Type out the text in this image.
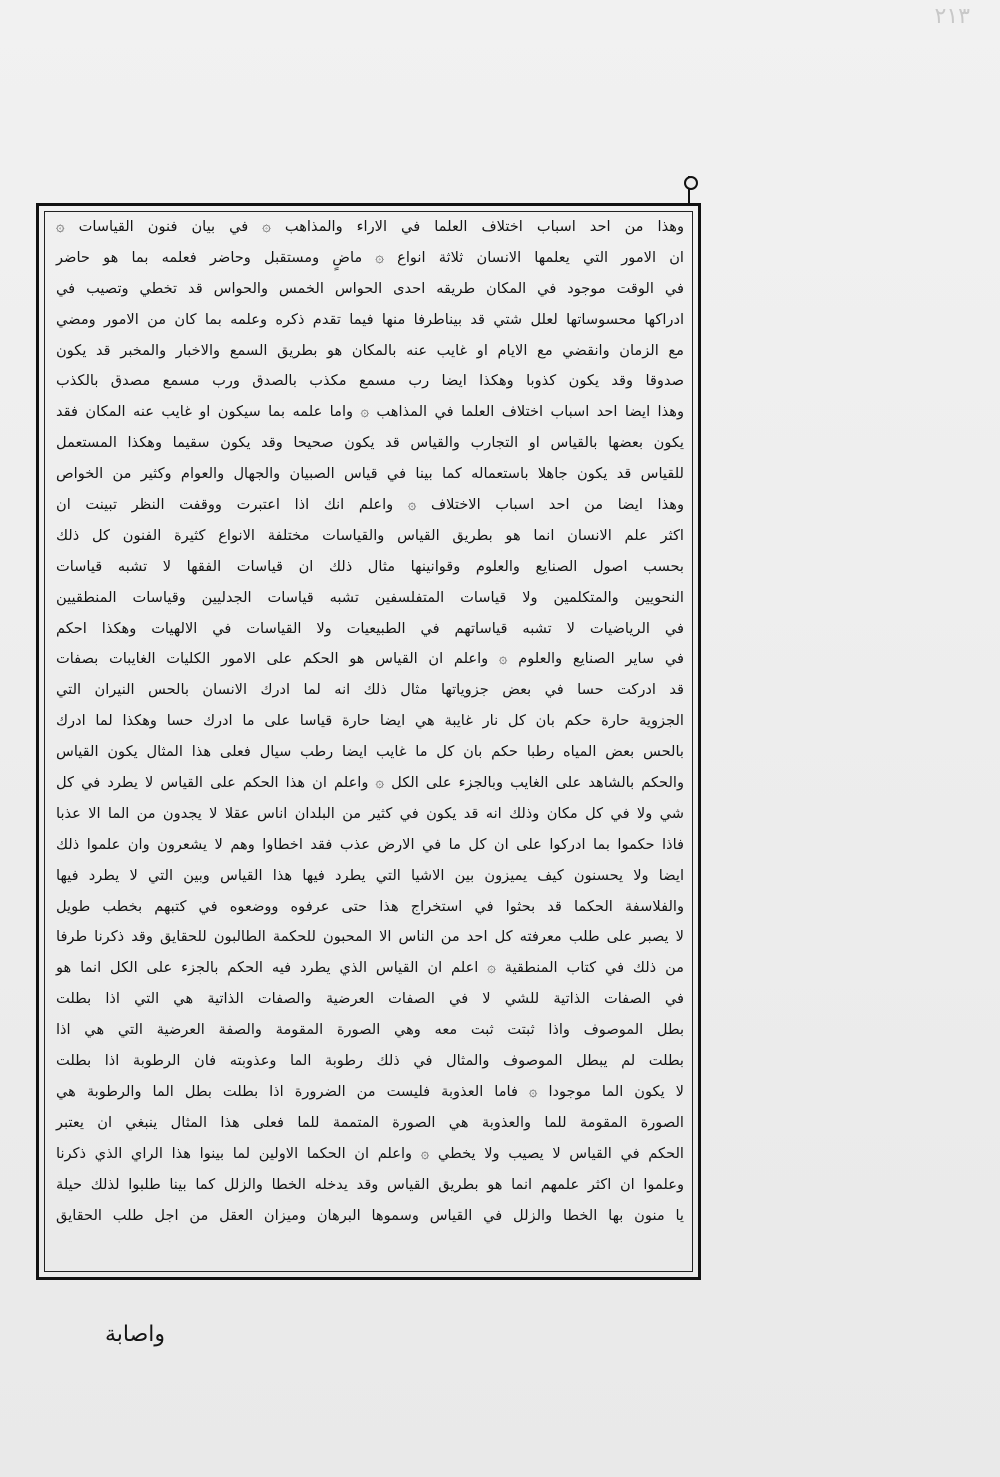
٢١٣
وهذا من احد اسباب اختلاف العلما في الاراء والمذاهب ۞ في بيان فنون القياسات ۞
ان الامور التي يعلمها الانسان ثلاثة انواع ۞ ماضٍ ومستقبل وحاضر فعلمه بما هو حاضر
في الوقت موجود في المكان طريقه احدى الحواس الخمس والحواس قد تخطي وتصيب في
ادراكها محسوساتها لعلل شتي قد بيناطرفا منها فيما تقدم ذكره وعلمه بما كان من الامور ومضي
مع الزمان وانقضي مع الايام او غايب عنه بالمكان هو بطريق السمع والاخبار والمخبر قد يكون
صدوقا وقد يكون كذوبا وهكذا ايضا رب مسمع مكذب بالصدق ورب مسمع مصدق بالكذب
وهذا ايضا احد اسباب اختلاف العلما في المذاهب ۞ واما علمه بما سيكون او غايب عنه المكان فقد
يكون بعضها بالقياس او التجارب والقياس قد يكون صحيحا وقد يكون سقيما وهكذا المستعمل
للقياس قد يكون جاهلا باستعماله كما بينا في قياس الصبيان والجهال والعوام وكثير من الخواص
وهذا ايضا من احد اسباب الاختلاف ۞ واعلم انك اذا اعتبرت ووقفت النظر تبينت ان
اكثر علم الانسان انما هو بطريق القياس والقياسات مختلفة الانواع كثيرة الفنون كل ذلك
بحسب اصول الصنايع والعلوم وقوانينها مثال ذلك ان قياسات الفقها لا تشبه قياسات
النحويين والمتكلمين ولا قياسات المتفلسفين تشبه قياسات الجدليين وقياسات المنطقيين
في الرياضيات لا تشبه قياساتهم في الطبيعيات ولا القياسات في الالهيات وهكذا احكم
في ساير الصنايع والعلوم ۞ واعلم ان القياس هو الحكم على الامور الكليات الغايبات بصفات
قد ادركت حسا في بعض جزوياتها مثال ذلك انه لما ادرك الانسان بالحس النيران التي
الجزوية حارة حكم بان كل نار غايبة هي ايضا حارة قياسا على ما ادرك حسا وهكذا لما ادرك
بالحس بعض المياه رطبا حكم بان كل ما غايب ايضا رطب سيال فعلى هذا المثال يكون القياس
والحكم بالشاهد على الغايب وبالجزء على الكل ۞ واعلم ان هذا الحكم على القياس لا يطرد في كل
شي ولا في كل مكان وذلك انه قد يكون في كثير من البلدان اناس عقلا لا يجدون من الما الا عذبا
فاذا حكموا بما ادركوا على ان كل ما في الارض عذب فقد اخطاوا وهم لا يشعرون وان علموا ذلك
ايضا ولا يحسنون كيف يميزون بين الاشيا التي يطرد فيها هذا القياس وبين التي لا يطرد فيها
والفلاسفة الحكما قد بحثوا في استخراج هذا حتى عرفوه ووضعوه في كتبهم بخطب طويل
لا يصبر على طلب معرفته كل احد من الناس الا المحبون للحكمة الطالبون للحقايق وقد ذكرنا طرفا
من ذلك في كتاب المنطقية ۞ اعلم ان القياس الذي يطرد فيه الحكم بالجزء على الكل انما هو
في الصفات الذاتية للشي لا في الصفات العرضية والصفات الذاتية هي التي اذا بطلت
بطل الموصوف واذا ثبتت ثبت معه وهي الصورة المقومة والصفة العرضية التي هي اذا
بطلت لم يبطل الموصوف والمثال في ذلك رطوبة الما وعذوبته فان الرطوبة اذا بطلت
لا يكون الما موجودا ۞ فاما العذوبة فليست من الضرورة اذا بطلت بطل الما والرطوبة هي
الصورة المقومة للما والعذوبة هي الصورة المتممة للما فعلى هذا المثال ينبغي ان يعتبر
الحكم في القياس لا يصيب ولا يخطي ۞ واعلم ان الحكما الاولين لما بينوا هذا الراي الذي ذكرنا
وعلموا ان اكثر علمهم انما هو بطريق القياس وقد يدخله الخطا والزلل كما بينا طلبوا لذلك حيلة
يا منون بها الخطا والزلل في القياس وسموها البرهان وميزان العقل من اجل طلب الحقايق
واصابة
